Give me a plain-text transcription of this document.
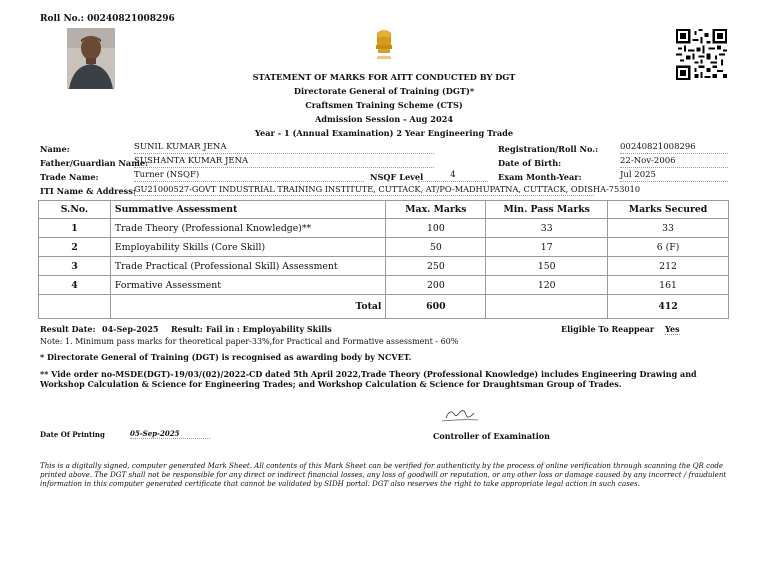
Roll No.: 00240821008296
STATEMENT OF MARKS FOR AITT CONDUCTED BY DGT
Directorate General of Training (DGT)*
Craftsmen Training Scheme (CTS)
Admission Session - Aug 2024
Year - 1 (Annual Examination) 2 Year Engineering Trade
Name:	SUNIL KUMAR JENA
Father/Guardian Name:
SUSHANTA KUMAR JENA
Trade Name:	Turner (NSQF)	NSQF Level	4
ITI Name & Address:
GU21000527-GOVT INDUSTRIAL TRAINING INSTITUTE, CUTTACK, AT/PO-MADHUPATNA, CUTTACK, ODISHA-753010
Registration/Roll No.:	00240821008296
Date of Birth:	22-Nov-2006
Exam Month-Year:	Jul 2025
S.No.	Summative Assessment	Max. Marks	Min. Pass Marks	Marks Secured
1	Trade Theory (Professional Knowledge)**	100	33	33
2	Employability Skills (Core Skill)	50	17	6 (F)
3	Trade Practical (Professional Skill) Assessment	250	150	212
4	Formative Assessment	200	120	161
	Total	600		412
Result Date: 04-Sep-2025 Result: Fail in : Employability Skills	Eligible To Reappear Yes
Note: 1. Minimum pass marks for theoretical paper-33%,for Practical and Formative assessment - 60%
* Directorate General of Training (DGT) is recognised as awarding body by NCVET.
** Vide order no-MSDE(DGT)-19/03/(02)/2022-CD dated 5th April 2022,Trade Theory (Professional Knowledge) includes Engineering Drawing and Workshop Calculation & Science for Engineering Trades; and Workshop Calculation & Science for Draughtsman Group of Trades.
Date Of Printing	05-Sep-2025	Controller of Examination
This is a digitally signed, computer generated Mark Sheet. All contents of this Mark Sheet can be verified for authenticity by the process of online verification through scanning the QR code printed above. The DGT shall not be responsible for any direct or indirect financial losses, any loss of goodwill or reputation, or any other loss or damage caused by any incorrect / fraudulent information in this computer generated certificate that cannot be validated by SIDH portal. DGT also reserves the right to take appropriate legal action in such cases.
